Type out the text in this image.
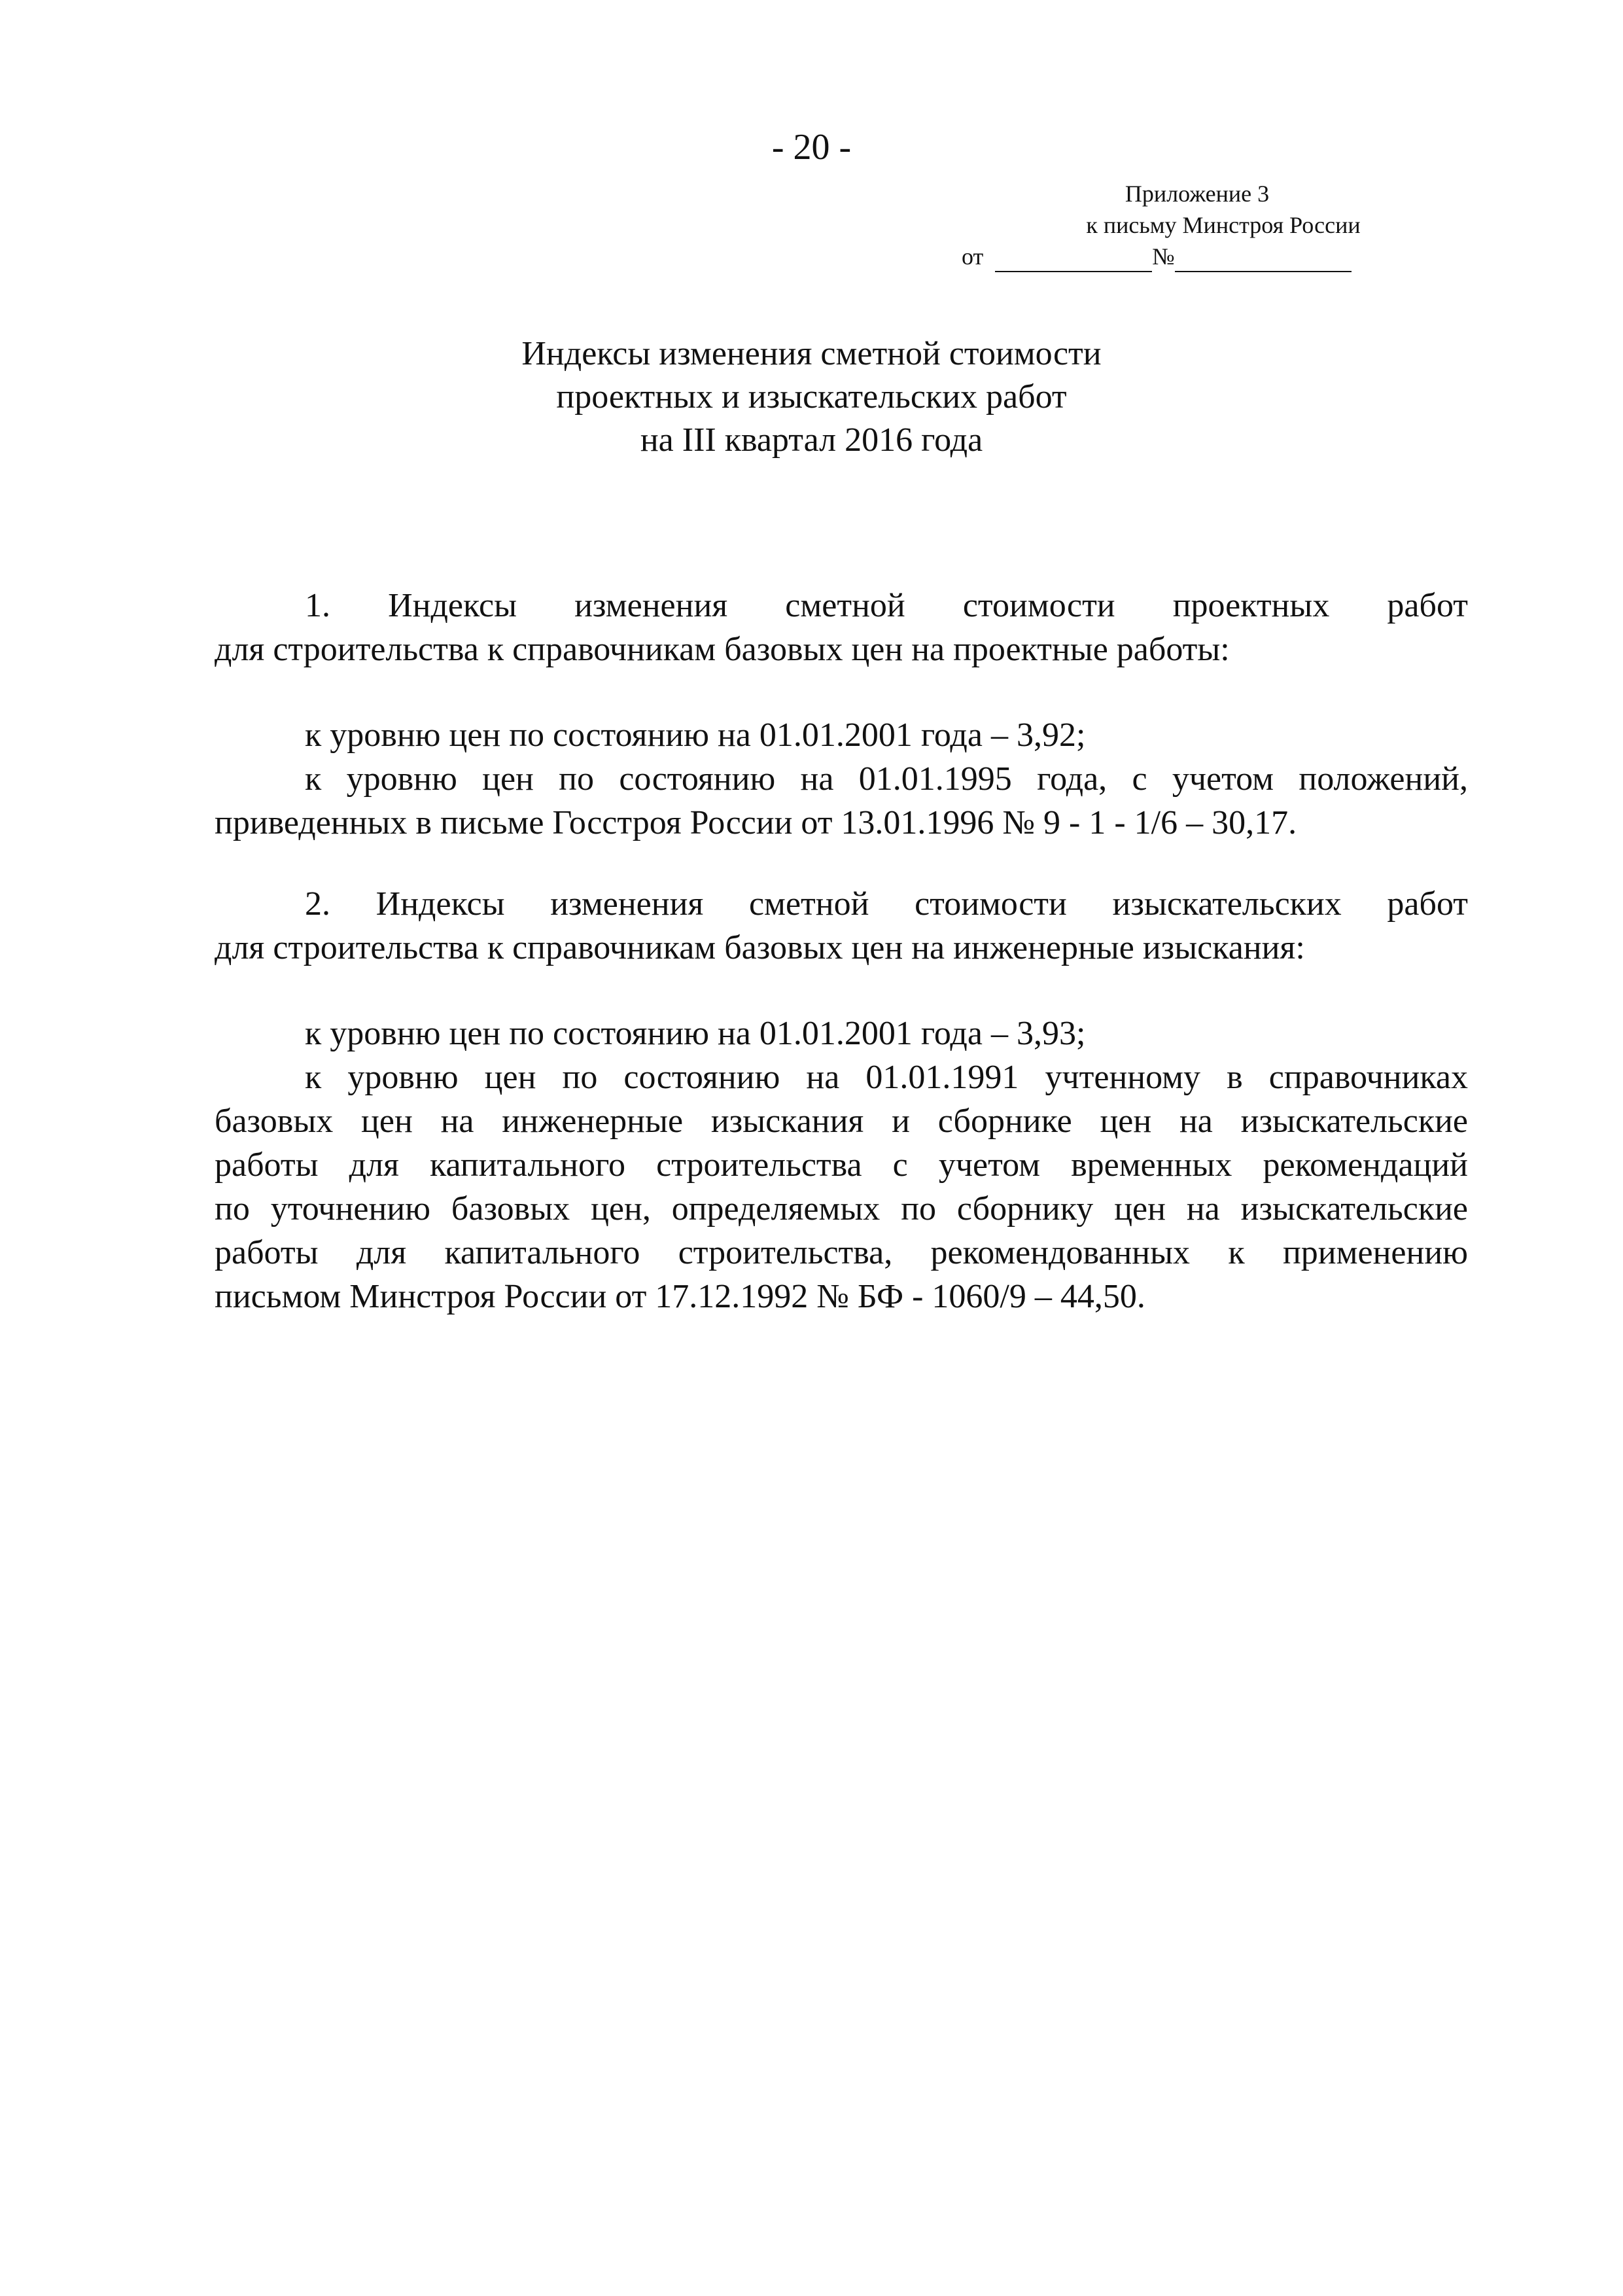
- 20 -
Приложение 3
к письму Минстроя России
от	№
Индексы изменения сметной стоимости
проектных и изыскательских работ
на III квартал 2016 года
1. Индексы изменения сметной стоимости проектных работ
для строительства к справочникам базовых цен на проектные работы:
к уровню цен по состоянию на 01.01.2001 года – 3,92;
к уровню цен по состоянию на 01.01.1995 года, с учетом положений,
приведенных в письме Госстроя России от 13.01.1996 № 9 - 1 - 1/6 – 30,17.
2. Индексы изменения сметной стоимости изыскательских работ
для строительства к справочникам базовых цен на инженерные изыскания:
к уровню цен по состоянию на 01.01.2001 года – 3,93;
к уровню цен по состоянию на 01.01.1991 учтенному в справочниках
базовых цен на инженерные изыскания и сборнике цен на изыскательские
работы для капитального строительства с учетом временных рекомендаций
по уточнению базовых цен, определяемых по сборнику цен на изыскательские
работы для капитального строительства, рекомендованных к применению
письмом Минстроя России от 17.12.1992 № БФ - 1060/9 – 44,50.
